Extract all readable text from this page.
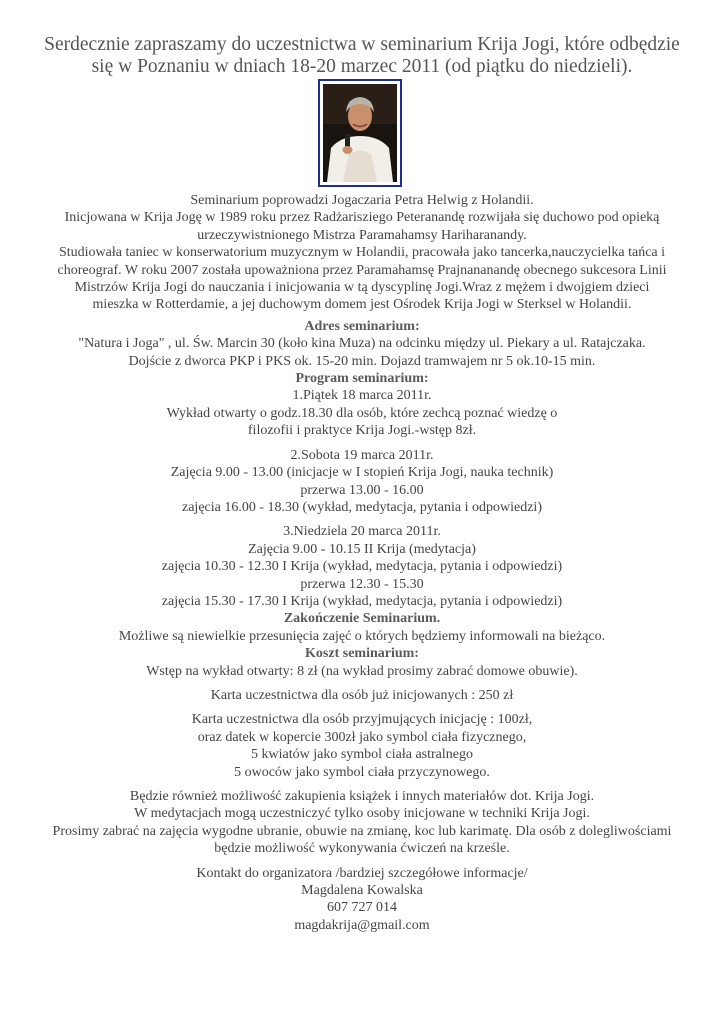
Serdecznie zapraszamy do uczestnictwa w seminarium Krija Jogi, które odbędzie
się w Poznaniu w dniach 18-20 marzec 2011 (od piątku do niedzieli).

Seminarium poprowadzi Jogaczaria Petra Helwig z Holandii.

Inicjowana w Krija Jogę w 1989 roku przez Radżarisziego Peteranandę rozwijała się duchowo pod opieką

urzeczywistnionego Mistrza Paramahamsy Hariharanandy.

Studiowała taniec w konserwatorium muzycznym w Holandii, pracowała jako tancerka,nauczycielka tańca i

choreograf. W roku 2007 została upoważniona przez Paramahamsę Prajnananandę obecnego sukcesora Linii

Mistrzów Krija Jogi do nauczania i inicjowania w tą dyscyplinę Jogi.Wraz z mężem i dwojgiem dzieci

mieszka w Rotterdamie, a jej duchowym domem jest Ośrodek Krija Jogi w Sterksel w Holandii.

Adres seminarium:

"Natura i Joga" , ul. Św. Marcin 30 (koło kina Muza) na odcinku między ul. Piekary a ul. Ratajczaka.

Dojście z dworca PKP i PKS ok. 15-20 min. Dojazd tramwajem nr 5 ok.10-15 min.

Program seminarium:

1.Piątek 18 marca 2011r.

Wykład otwarty o godz.18.30 dla osób, które zechcą poznać wiedzę o

filozofii i praktyce Krija Jogi.-wstęp 8zł.

2.Sobota 19 marca 2011r.

Zajęcia 9.00 - 13.00 (inicjacje w I stopień Krija Jogi, nauka technik)

przerwa 13.00 - 16.00

zajęcia 16.00 - 18.30 (wykład, medytacja, pytania i odpowiedzi)

3.Niedziela 20 marca 2011r.

Zajęcia 9.00 - 10.15 II Krija (medytacja)

zajęcia 10.30 - 12.30 I Krija (wykład, medytacja, pytania i odpowiedzi)

przerwa 12.30 - 15.30

zajęcia 15.30 - 17.30 I Krija (wykład, medytacja, pytania i odpowiedzi)

Zakończenie Seminarium.

Możliwe są niewielkie przesunięcia zajęć o których będziemy informowali na bieżąco.

Koszt seminarium:

Wstęp na wykład otwarty: 8 zł (na wykład prosimy zabrać domowe obuwie).

Karta uczestnictwa dla osób już inicjowanych : 250 zł

Karta uczestnictwa dla osób przyjmujących inicjację : 100zł,

oraz datek w kopercie 300zł jako symbol ciała fizycznego,

5 kwiatów jako symbol ciała astralnego

5 owoców jako symbol ciała przyczynowego.

Będzie również możliwość zakupienia książek i innych materiałów dot. Krija Jogi.

W medytacjach mogą uczestniczyć tylko osoby inicjowane w techniki Krija Jogi.

Prosimy zabrać na zajęcia wygodne ubranie, obuwie na zmianę, koc lub karimatę. Dla osób z dolegliwościami

będzie możliwość wykonywania ćwiczeń na krześle.

Kontakt do organizatora /bardziej szczegółowe informacje/

Magdalena Kowalska

607 727 014

magdakrija@gmail.com
